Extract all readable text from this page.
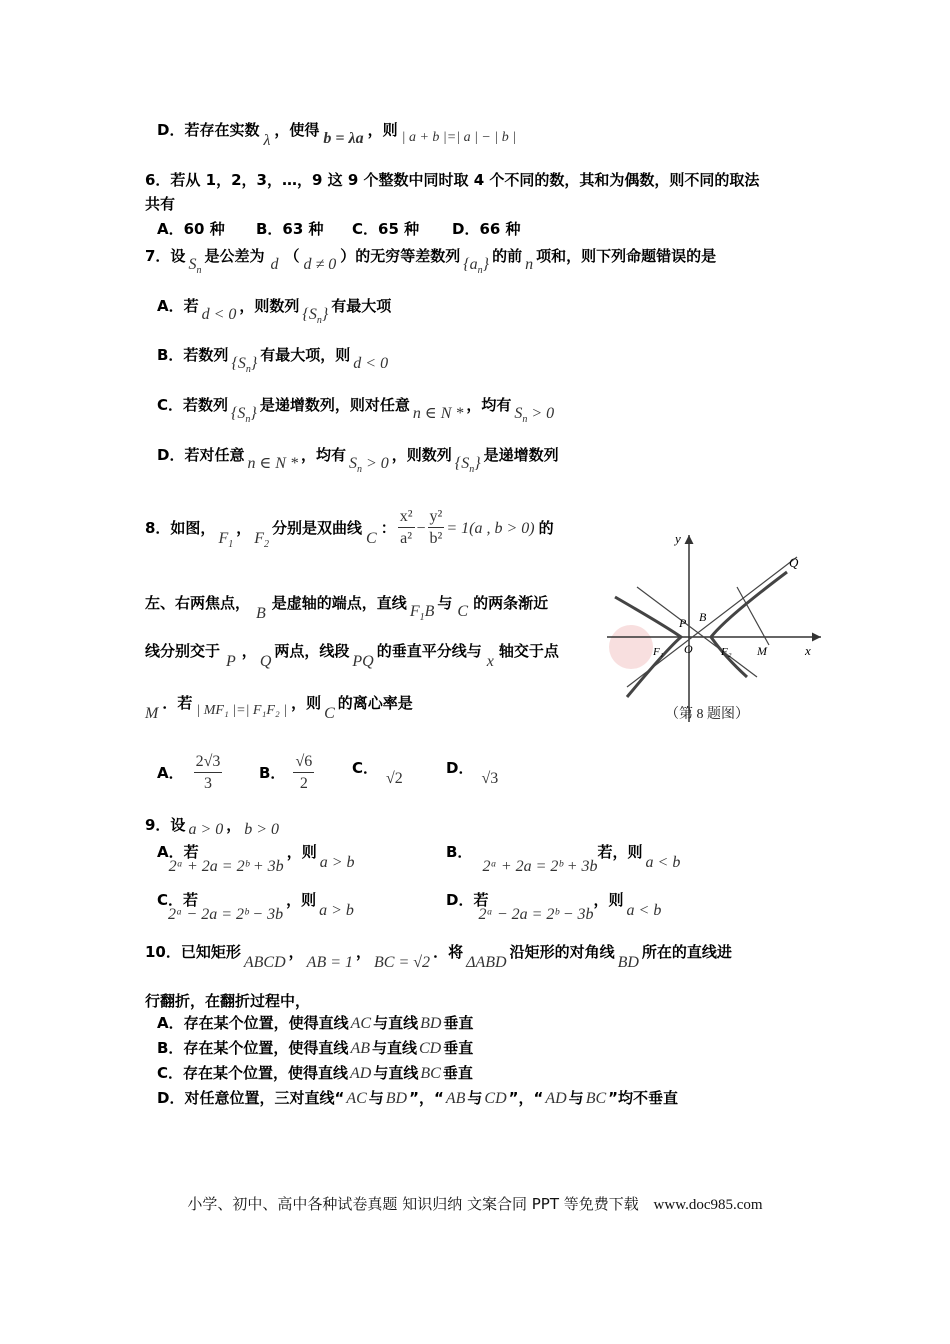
D．若存在实数λ，使得 b = λa ，则 | a + b |=| a | − | b |
6．若从 1，2，3，…，9 这 9 个整数中同时取 4 个不同的数，其和为偶数，则不同的取法
共有
A．60 种 B．63 种 C．65 种 D．66 种
7．设 $S_n$是公差为 d （ d ≠ 0 ）的无穷等差数列 $\{a_n\}$ 的前 n 项和，则下列命题错误的是
A．若 d < 0 ，则数列 $\{S_n\}$ 有最大项
B．若数列 $\{S_n\}$ 有最大项，则 d < 0
C．若数列 $\{S_n\}$ 是递增数列，则对任意 n ∈ N * ，均有 $S_n > 0$
D．若对任意 n ∈ N * ，均有 $S_n > 0$ ，则数列 $\{S_n\}$ 是递增数列
8．如图，$F_1$，$F_2$分别是双曲线C： $\frac{\text{x²}}{\text{a²}} - \frac{\text{y²}}{\text{b²}} = 1(a$ , b > 0) 的
左、右两焦点，B是虚轴的端点，直线 $F_1B$ 与 C 的两条渐近
线分别交于P，Q两点，线段PQ的垂直平分线与x轴交于点
M．若 | MF₁ |=| F₁F₂ | ，则C的离心率是
A． $\frac{2√3}{3}$ B． $\frac{√6}{2}$	C．√2
D．√3
y
x
Q
B
P
O
F₁	F₂ M
（第 8 题图）
9．设 a > 0 ， b > 0
A．若2ᵃ + 2a = 2ᵇ + 3b，则a > b
B．2ᵃ + 2a = 2ᵇ + 3b若，则a < b
C．若2ᵃ − 2a = 2ᵇ − 3b，则a > b
D．若2ᵃ − 2a = 2ᵇ − 3b，则a < b
10．已知矩形ABCD，AB = 1，BC = √2．将ΔABD沿矩形的对角线BD所在的直线进
行翻折，在翻折过程中，
A．存在某个位置，使得直线 AC 与直线 BD 垂直
B．存在某个位置，使得直线 AB 与直线 CD 垂直
C．存在某个位置，使得直线 AD 与直线 BC 垂直
D．对任意位置，三对直线“ AC 与 BD ”，“ AB 与 CD ”，“ AD 与 BC ”均不垂直
小学、初中、高中各种试卷真题 知识归纳 文案合同 PPT 等免费下载 www.doc985.com
